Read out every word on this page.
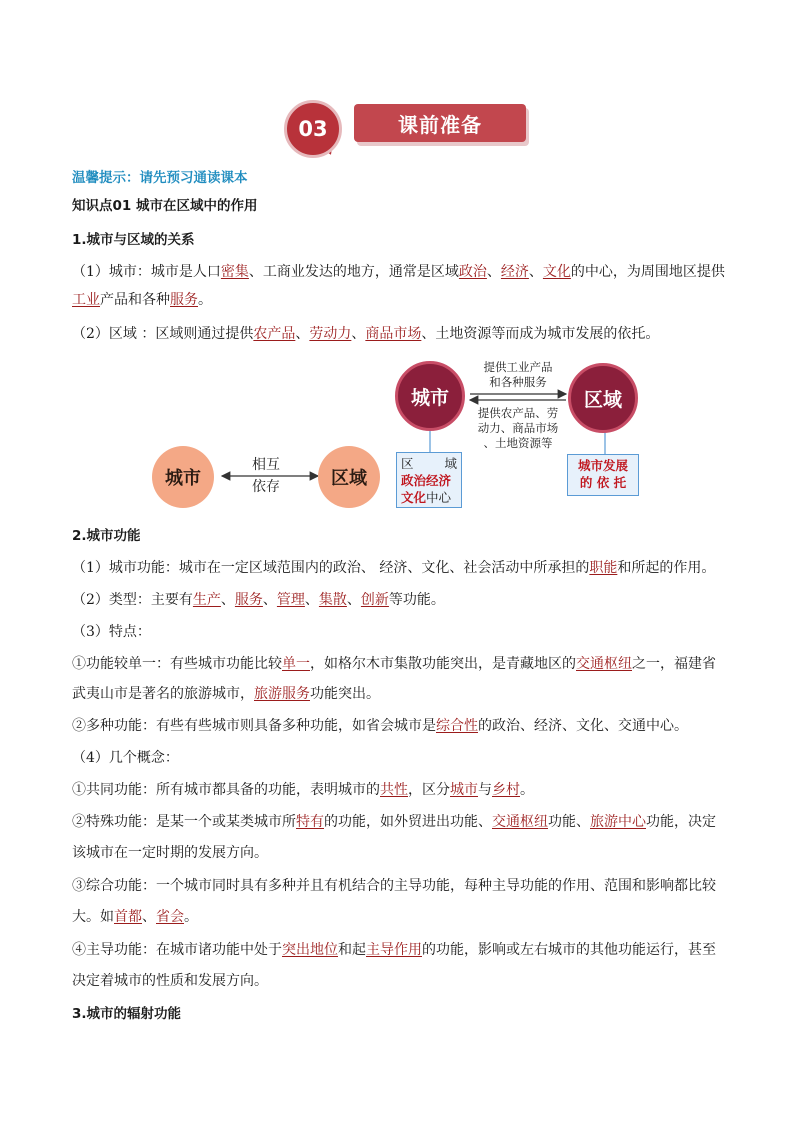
03	课前准备
温馨提示：请先预习通读课本
知识点01 城市在区域中的作用
1.城市与区域的关系
（1）城市：城市是人口密集、工商业发达的地方，通常是区域政治、经济、文化的中心，为周围地区提供
工业产品和各种服务。
（2）区域 ：区域则通过提供农产品、劳动力、商品市场、土地资源等而成为城市发展的依托。
城市
相互
依存	区域
城市	区域
提供工业产品
和各种服务
提供农产品、劳
动力、商品市场
、土地资源等
区 域
政治经济
文化中心
城市发展
的 依 托
2.城市功能
（1）城市功能：城市在一定区域范围内的政治、 经济、文化、社会活动中所承担的职能和所起的作用。
（2）类型：主要有生产、服务、管理、集散、创新等功能。
（3）特点：
①功能较单一：有些城市功能比较单一，如格尔木市集散功能突出，是青藏地区的交通枢纽之一，福建省
武夷山市是著名的旅游城市，旅游服务功能突出。
②多种功能：有些有些城市则具备多种功能，如省会城市是综合性的政治、经济、文化、交通中心。
（4）几个概念：
①共同功能：所有城市都具备的功能，表明城市的共性，区分城市与乡村。
②特殊功能：是某一个或某类城市所特有的功能，如外贸进出功能、交通枢纽功能、旅游中心功能，决定
该城市在一定时期的发展方向。
③综合功能：一个城市同时具有多种并且有机结合的主导功能，每种主导功能的作用、范围和影响都比较
大。如首都、省会。
④主导功能：在城市诸功能中处于突出地位和起主导作用的功能，影响或左右城市的其他功能运行，甚至
决定着城市的性质和发展方向。
3.城市的辐射功能
